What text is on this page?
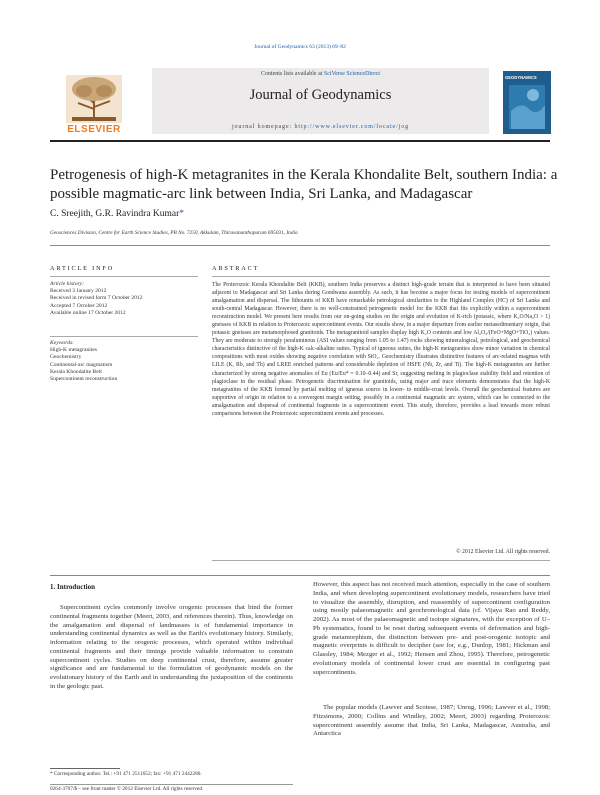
Journal of Geodynamics 63 (2013) 69–82
ELSEVIER
Contents lists available at SciVerse ScienceDirect
Journal of Geodynamics
journal homepage: http://www.elsevier.com/locate/jog
GEODYNAMICS
Petrogenesis of high-K metagranites in the Kerala Khondalite Belt, southern India: a possible magmatic-arc link between India, Sri Lanka, and Madagascar
C. Sreejith, G.R. Ravindra Kumar*
Geosciences Division, Centre for Earth Science Studies, PB No. 7250, Akkulam, Thiruvananthapuram 695031, India
ARTICLE INFO	ABSTRACT
Article history:
Received 3 January 2012
Received in revised form 7 October 2012
Accepted 7 October 2012
Available online 17 October 2012
Keywords:
High-K metagranites
Geochemistry
Continental-arc magmatism
Kerala Khondalite Belt
Supercontinent reconstruction
The Proterozoic Kerala Khondalite Belt (KKB), southern India preserves a distinct high-grade terrain that is interpreted to have been situated adjacent to Madagascar and Sri Lanka during Gondwana assembly. As such, it has become a major focus for testing models of supercontinent amalgamation and dispersal. The lithounits of KKB have remarkable petrological similarities to the Highland Complex (HC) of Sri Lanka and south-central Madagascar. However, there is no well-constrained petrogenetic model for the KKB that fits explicitly within a supercontinent reconstruction model. We present here results from our on-going studies on the origin and evolution of K-rich (potassic, where K₂O/Na₂O > 1) gneisses of KKB in relation to Proterozoic supercontinent events. Our results show, in a major departure from earlier metasedimentary origin, that potassic gneisses are metamorphosed granitoids. The metagranitoid samples display high K₂O contents and low Al₂O₃/(FeO+MgO+TiO₂) values. They are moderate to strongly peraluminous (ASI values ranging from 1.05 to 1.47) rocks showing mineralogical, petrological, and geochemical characteristics distinctive of the high-K calc-alkaline suites. Typical of igneous suites, the high-K metagranites show minor variation in chemical compositions with most oxides showing negative correlation with SiO₂. Geochemistry illustrates distinctive features of arc-related magmas with LILE (K, Rb, and Th) and LREE enriched patterns and considerable depletion of HSFE (Nb, Zr, and Ti). The high-K metagranites are further characterized by strong negative anomalies of Eu (Eu/Eu* = 0.10–0.44) and Sr, suggesting melting in plagioclase stability field and retention of plagioclase in the residual phase. Petrogenetic discrimination for granitoids, using major and trace elements demonstrates that the high-K metagranites of the KKB formed by partial melting of igneous source in lower- to middle-crust levels. Overall the geochemical features are supportive of origin in relation to a convergent margin setting, possibly in a continental magmatic arc system, which can be connected to the amalgamation and dispersal of continental fragments in a supercontinent event. This study, therefore, provides a lead towards more robust comparisons between the Proterozoic supercontinent events and processes.
© 2012 Elsevier Ltd. All rights reserved.
1. Introduction
Supercontinent cycles commonly involve orogenic processes that bind the former continental fragments together (Meert, 2003, and references therein). Thus, knowledge on the amalgamation and dispersal of landmasses is of fundamental importance in understanding continental dynamics as well as the Earth's evolutionary history. Similarly, information relating to the orogenic processes, which operated within individual continental fragments and their timings provide valuable information to constrain supercontinent cycles. Studies on deep continental crust, therefore, assume greater significance and are fundamental to the formulation of geodynamic models on the evolutionary history of the Earth and in understanding the juxtaposition of the continents in the geologic past.
However, this aspect has not received much attention, especially in the case of southern India, and when developing supercontinent evolutionary models, researchers have tried to visualize the assembly, disruption, and reassembly of supercontinent configuration using mostly palaeomagnetic and geochronological data (cf. Vijaya Rao and Reddy, 2002). As most of the palaeomagnetic and isotope signatures, with the exception of U–Pb systematics, found to be reset during subsequent events of deformation and high-grade metamorphism, the distinction between pre- and post-orogenic isotopic and magnetic overprints is difficult to decipher (see for, e.g., Dunlop, 1981; Hickman and Glassley, 1984; Mezger et al., 1992; Hensen and Zhou, 1995). Therefore, petrogenetic evolutionary models of continental lower crust are essential in configuring past supercontinents.
The popular models (Lawver and Scotese, 1987; Unrug, 1996; Lawver et al., 1998; Fitzsimons, 2000; Collins and Windley, 2002; Meert, 2003) regarding Proterozoic supercontinent assembly assume that India, Sri Lanka, Madagascar, Australia, and Antarctica
* Corresponding author. Tel.: +91 471 2511652; fax: +91 471 2442280.
0264-3707/$ – see front matter © 2012 Elsevier Ltd. All rights reserved.
